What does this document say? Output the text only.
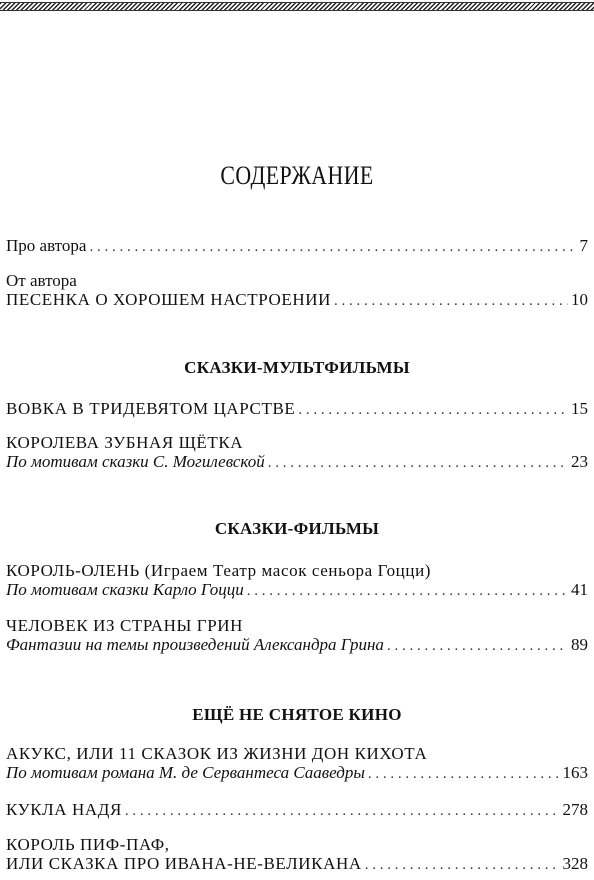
СОДЕРЖАНИЕ
Про автора . . .	7
От автора
ПЕСЕНКА О ХОРОШЕМ НАСТРОЕНИИ . . .	10
СКАЗКИ-МУЛЬТФИЛЬМЫ
ВОВКА В ТРИДЕВЯТОМ ЦАРСТВЕ . . .	15
КОРОЛЕВА ЗУБНАЯ ЩЁТКА
По мотивам сказки С. Могилевской . . .	23
СКАЗКИ-ФИЛЬМЫ
КОРОЛЬ-ОЛЕНЬ (Играем Театр масок сеньора Гоцци)
По мотивам сказки Карло Гоцци . . .	41
ЧЕЛОВЕК ИЗ СТРАНЫ ГРИН
Фантазии на темы произведений Александра Грина . . .	89
ЕЩЁ НЕ СНЯТОЕ КИНО
АКУКС, ИЛИ 11 СКАЗОК ИЗ ЖИЗНИ ДОН КИХОТА
По мотивам романа М. де Сервантеса Сааведры . . .	163
КУКЛА НАДЯ . . .	278
КОРОЛЬ ПИФ-ПАФ,
ИЛИ СКАЗКА ПРО ИВАНА-НЕ-ВЕЛИКАНА . . .	328
